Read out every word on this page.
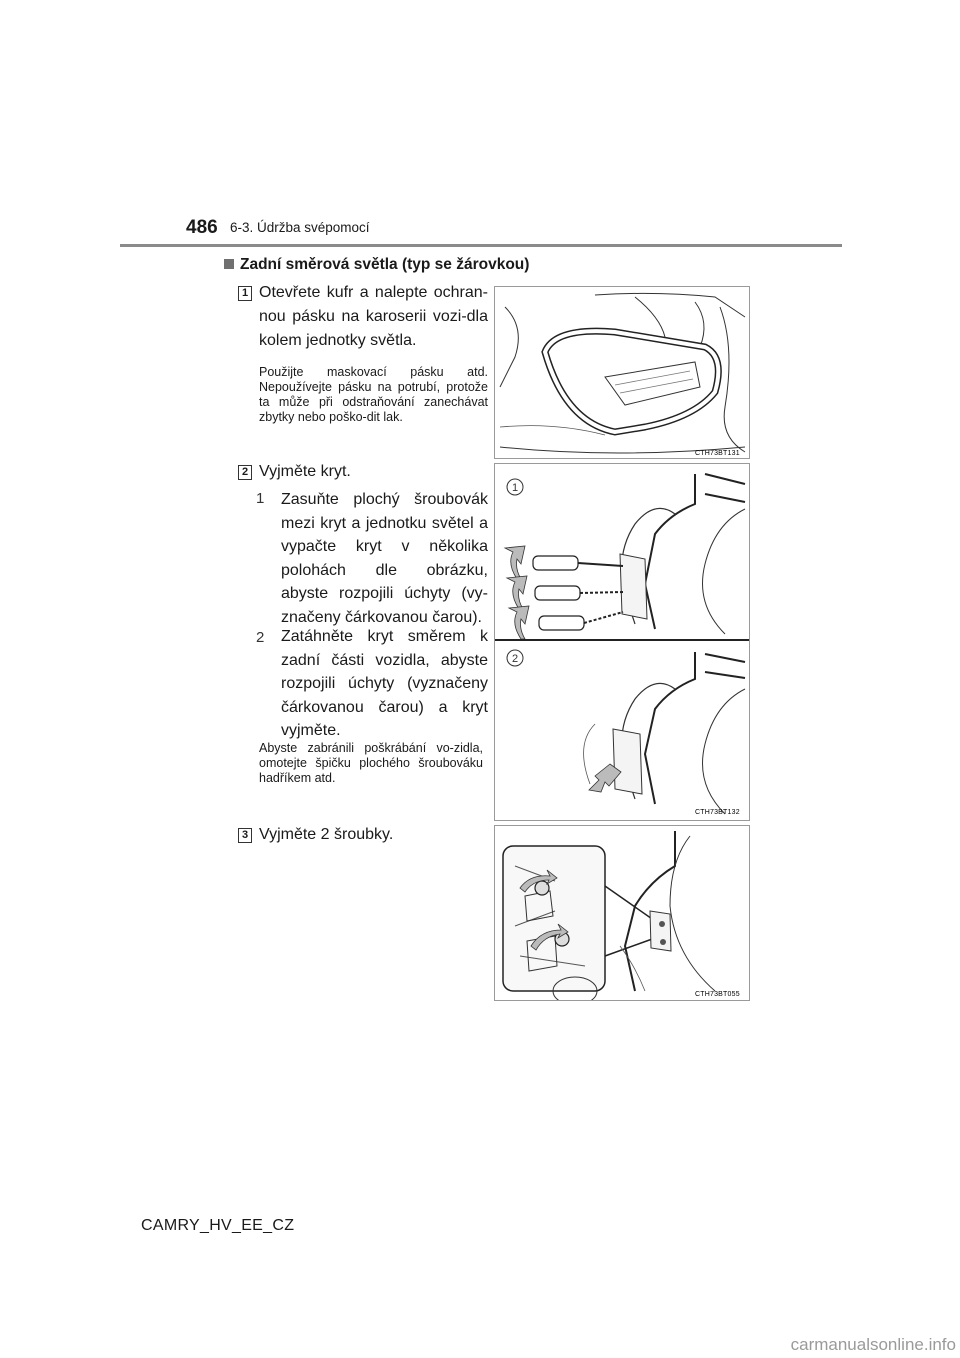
486 6-3. Údržba svépomocí
Zadní směrová světla (typ se žárovkou)
1 Otevřete kufr a nalepte ochran-nou pásku na karoserii vozi-dla kolem jednotky světla.
Použijte maskovací pásku atd. Nepoužívejte pásku na potrubí, protože ta může při odstraňování zanechávat zbytky nebo poško-dit lak.
CTH73BT131
2 Vyjměte kryt.
1 Zasuňte plochý šroubovák mezi kryt a jednotku světel a vypačte kryt v několika polohách dle obrázku, abyste rozpojili úchyty (vy-značeny čárkovanou čarou).
2 Zatáhněte kryt směrem k zadní části vozidla, abyste rozpojili úchyty (vyznačeny čárkovanou čarou) a kryt vyjměte.
Abyste zabránili poškrábání vo-zidla, omotejte špičku plochého šroubováku hadříkem atd.
1
2
CTH73BT132
3 Vyjměte 2 šroubky.
CTH73BT055
CAMRY_HV_EE_CZ
carmanualsonline.info
